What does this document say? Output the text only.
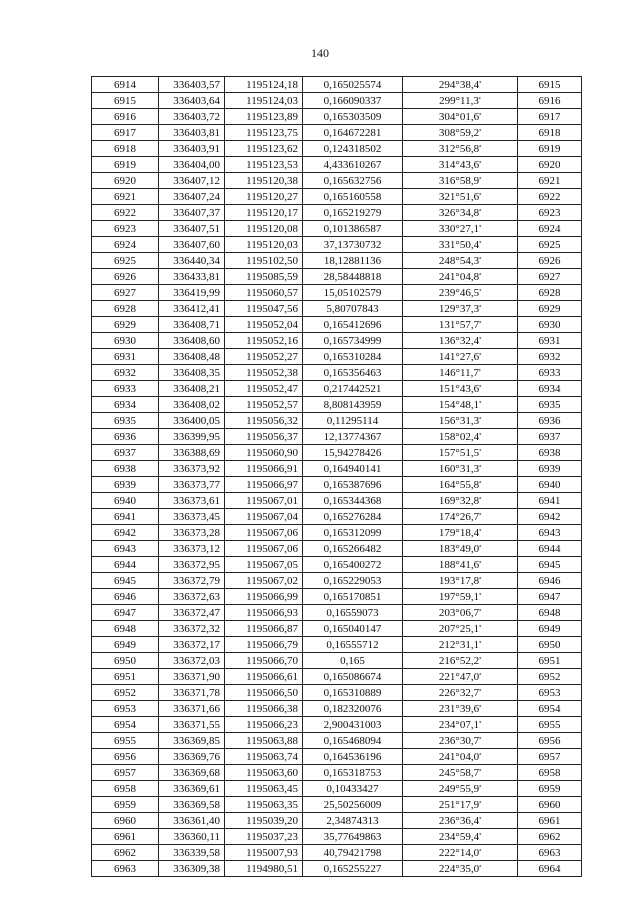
140
6914	336403,57	1195124,18	0,165025574	294°38,4'	6915
6915	336403,64	1195124,03	0,166090337	299°11,3'	6916
6916	336403,72	1195123,89	0,165303509	304°01,6'	6917
6917	336403,81	1195123,75	0,164672281	308°59,2'	6918
6918	336403,91	1195123,62	0,124318502	312°56,8'	6919
6919	336404,00	1195123,53	4,433610267	314°43,6'	6920
6920	336407,12	1195120,38	0,165632756	316°58,9'	6921
6921	336407,24	1195120,27	0,165160558	321°51,6'	6922
6922	336407,37	1195120,17	0,165219279	326°34,8'	6923
6923	336407,51	1195120,08	0,101386587	330°27,1'	6924
6924	336407,60	1195120,03	37,13730732	331°50,4'	6925
6925	336440,34	1195102,50	18,12881136	248°54,3'	6926
6926	336433,81	1195085,59	28,58448818	241°04,8'	6927
6927	336419,99	1195060,57	15,05102579	239°46,5'	6928
6928	336412,41	1195047,56	5,80707843	129°37,3'	6929
6929	336408,71	1195052,04	0,165412696	131°57,7'	6930
6930	336408,60	1195052,16	0,165734999	136°32,4'	6931
6931	336408,48	1195052,27	0,165310284	141°27,6'	6932
6932	336408,35	1195052,38	0,165356463	146°11,7'	6933
6933	336408,21	1195052,47	0,217442521	151°43,6'	6934
6934	336408,02	1195052,57	8,808143959	154°48,1'	6935
6935	336400,05	1195056,32	0,11295114	156°31,3'	6936
6936	336399,95	1195056,37	12,13774367	158°02,4'	6937
6937	336388,69	1195060,90	15,94278426	157°51,5'	6938
6938	336373,92	1195066,91	0,164940141	160°31,3'	6939
6939	336373,77	1195066,97	0,165387696	164°55,8'	6940
6940	336373,61	1195067,01	0,165344368	169°32,8'	6941
6941	336373,45	1195067,04	0,165276284	174°26,7'	6942
6942	336373,28	1195067,06	0,165312099	179°18,4'	6943
6943	336373,12	1195067,06	0,165266482	183°49,0'	6944
6944	336372,95	1195067,05	0,165400272	188°41,6'	6945
6945	336372,79	1195067,02	0,165229053	193°17,8'	6946
6946	336372,63	1195066,99	0,165170851	197°59,1'	6947
6947	336372,47	1195066,93	0,16559073	203°06,7'	6948
6948	336372,32	1195066,87	0,165040147	207°25,1'	6949
6949	336372,17	1195066,79	0,16555712	212°31,1'	6950
6950	336372,03	1195066,70	0,165	216°52,2'	6951
6951	336371,90	1195066,61	0,165086674	221°47,0'	6952
6952	336371,78	1195066,50	0,165310889	226°32,7'	6953
6953	336371,66	1195066,38	0,182320076	231°39,6'	6954
6954	336371,55	1195066,23	2,900431003	234°07,1'	6955
6955	336369,85	1195063,88	0,165468094	236°30,7'	6956
6956	336369,76	1195063,74	0,164536196	241°04,0'	6957
6957	336369,68	1195063,60	0,165318753	245°58,7'	6958
6958	336369,61	1195063,45	0,10433427	249°55,9'	6959
6959	336369,58	1195063,35	25,50256009	251°17,9'	6960
6960	336361,40	1195039,20	2,34874313	236°36,4'	6961
6961	336360,11	1195037,23	35,77649863	234°59,4'	6962
6962	336339,58	1195007,93	40,79421798	222°14,0'	6963
6963	336309,38	1194980,51	0,165255227	224°35,0'	6964
